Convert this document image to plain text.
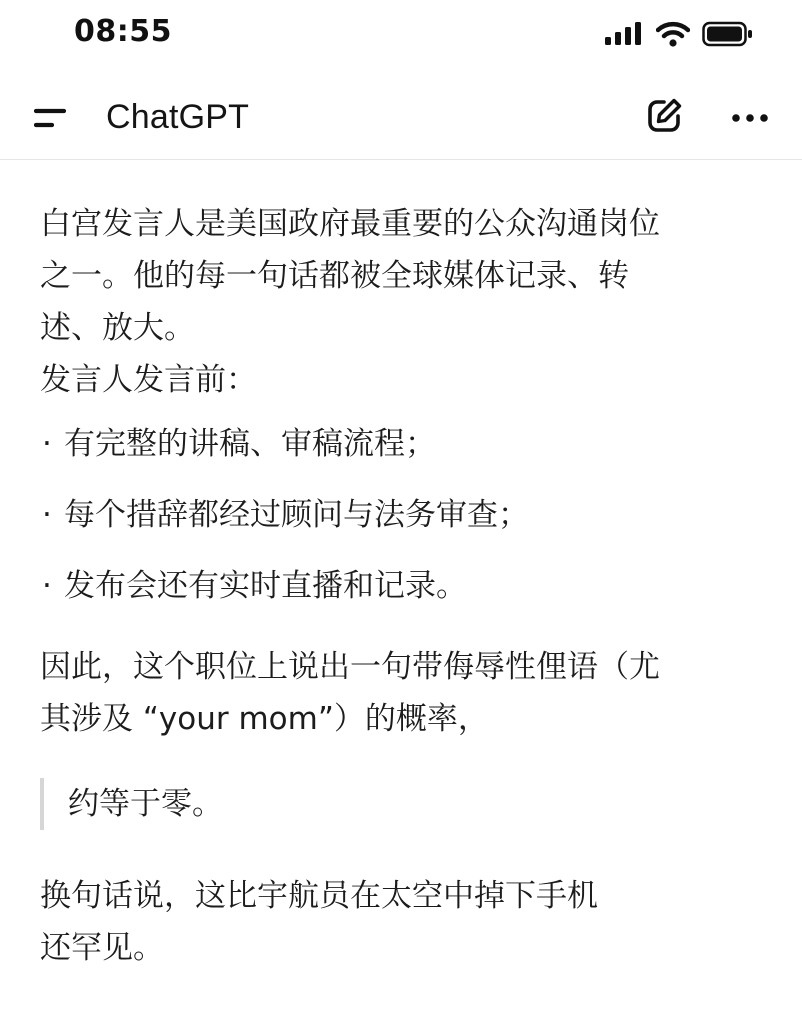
08:55
ChatGPT
白宫发言人是美国政府最重要的公众沟通岗位
之一。他的每一句话都被全球媒体记录、转
述、放大。
发言人发言前：
· 有完整的讲稿、审稿流程；
· 每个措辞都经过顾问与法务审查；
· 发布会还有实时直播和记录。
因此，这个职位上说出一句带侮辱性俚语（尤
其涉及 “your mom”）的概率，
约等于零。
换句话说，这比宇航员在太空中掉下手机
还罕见。
